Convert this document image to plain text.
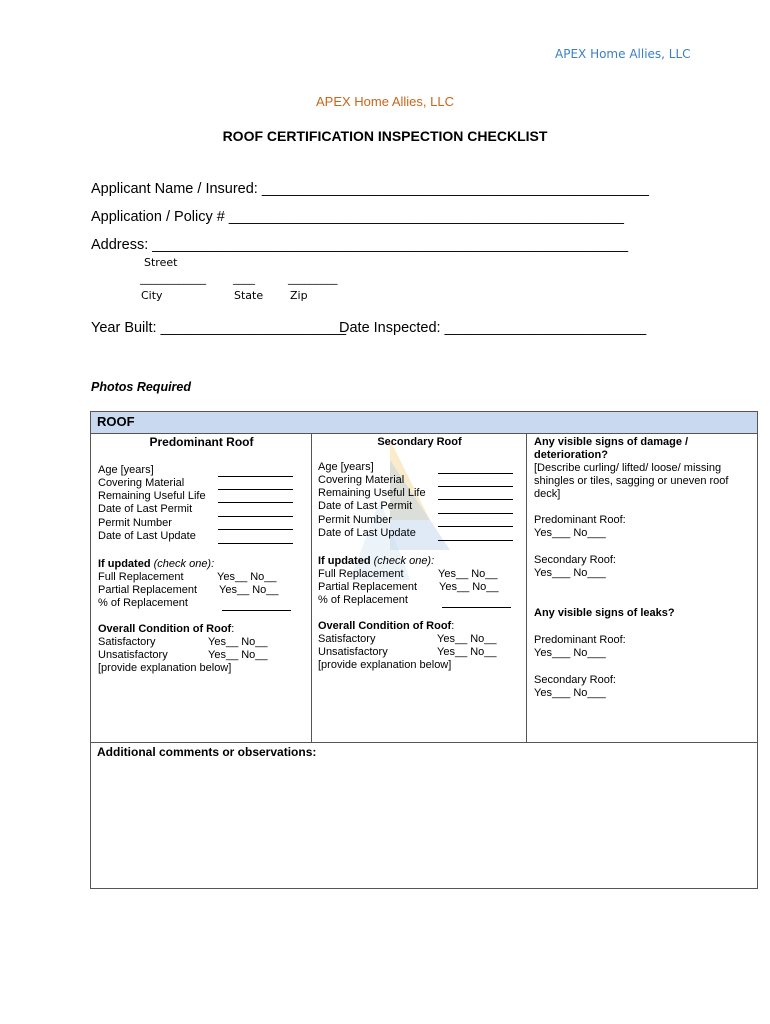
APEX Home Allies, LLC
APEX Home Allies, LLC
ROOF CERTIFICATION INSPECTION CHECKLIST
Applicant Name / Insured: ________________________________________________
Application / Policy # _________________________________________________
Address: ___________________________________________________________
Street
____________ ____	_________
City	State Zip
Year Built: _______________________
Date Inspected: _________________________
Photos Required
ROOF
Predominant Roof
Age [years]
Covering Material
Remaining Useful Life
Date of Last Permit
Permit Number
Date of Last Update
If updated (check one):
Full Replacement	Yes__ No__
Partial Replacement Yes__ No__
% of Replacement
Overall Condition of Roof:
Satisfactory	Yes__ No__
Unsatisfactory	Yes__ No__
[provide explanation below]
Secondary Roof
Age [years]
Covering Material
Remaining Useful Life
Date of Last Permit
Permit Number
Date of Last Update
If updated (check one):
Full Replacement	Yes__ No__
Partial Replacement Yes__ No__
% of Replacement
Overall Condition of Roof:
Satisfactory	Yes__ No__
Unsatisfactory	Yes__ No__
[provide explanation below]
Any visible signs of damage /
deterioration?
[Describe curling/ lifted/ loose/ missing
shingles or tiles, sagging or uneven roof
deck]
Predominant Roof:
Yes___ No___
Secondary Roof:
Yes___ No___
Any visible signs of leaks?
Predominant Roof:
Yes___ No___
Secondary Roof:
Yes___ No___
Additional comments or observations:
